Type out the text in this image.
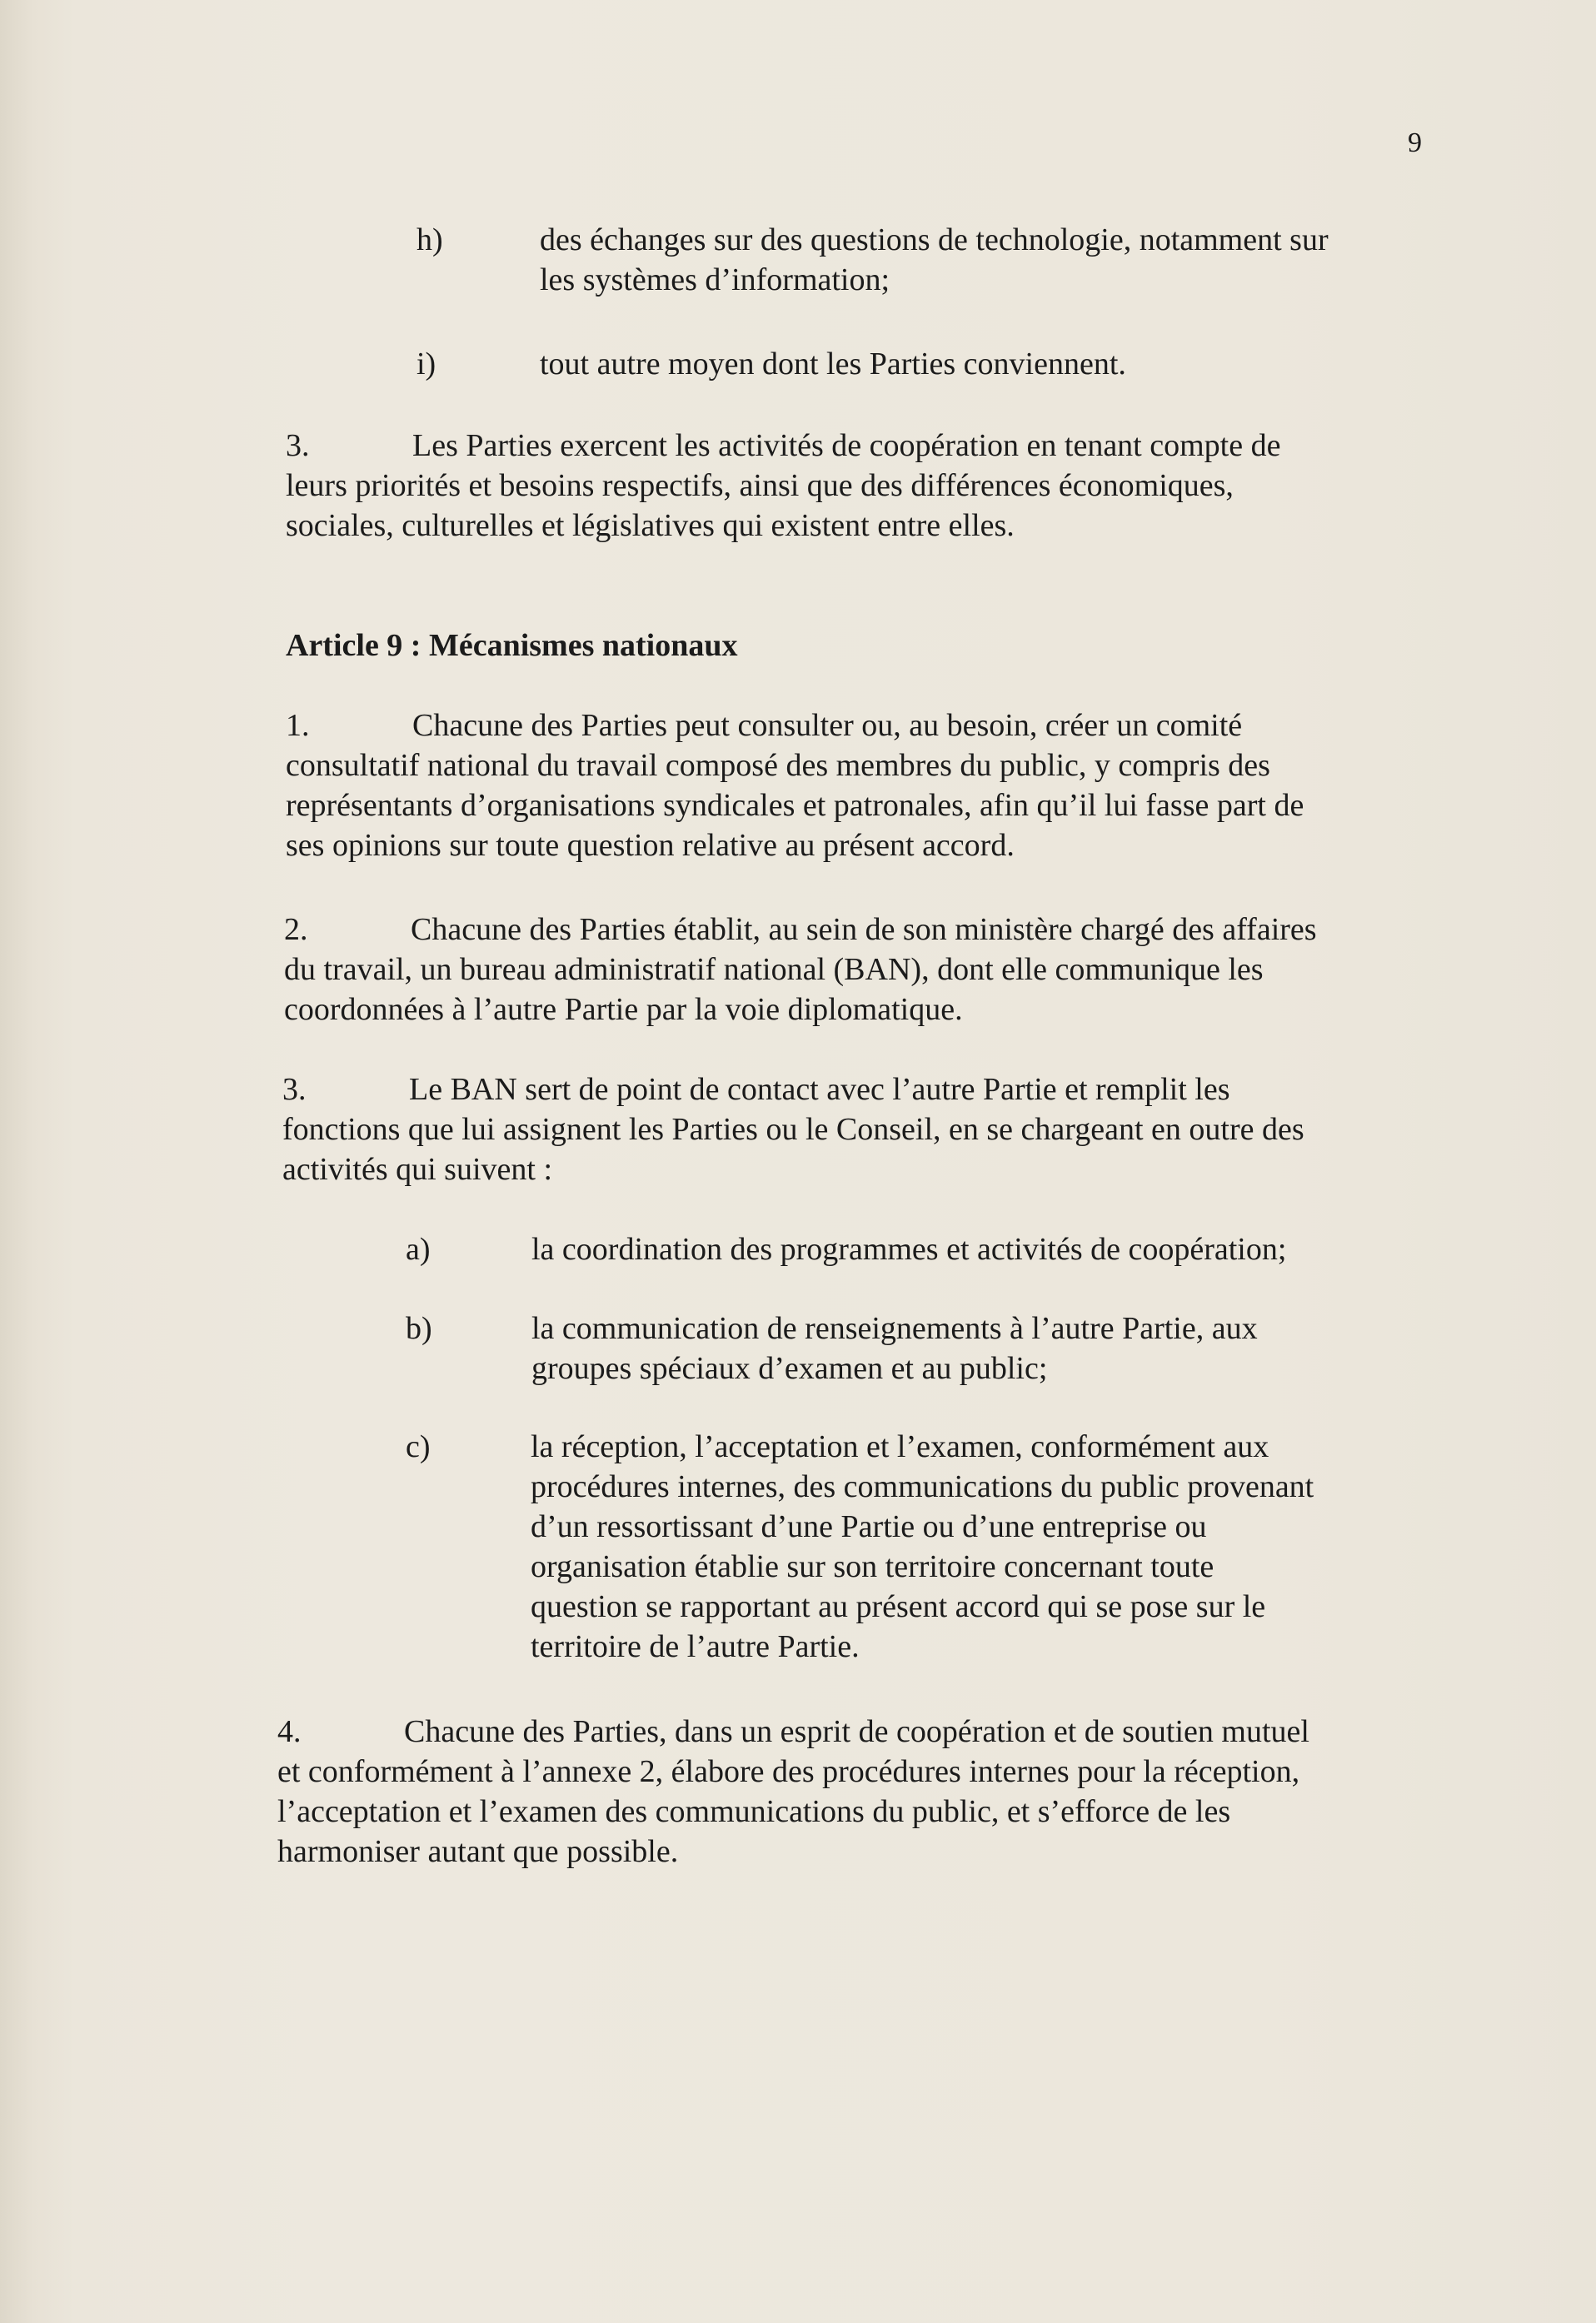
9
h)	des échanges sur des questions de technologie, notamment sur
les systèmes d’information;
i)	tout autre moyen dont les Parties conviennent.
3.	Les Parties exercent les activités de coopération en tenant compte de
leurs priorités et besoins respectifs, ainsi que des différences économiques,
sociales, culturelles et législatives qui existent entre elles.
Article 9 : Mécanismes nationaux
1.	Chacune des Parties peut consulter ou, au besoin, créer un comité
consultatif national du travail composé des membres du public, y compris des
représentants d’organisations syndicales et patronales, afin qu’il lui fasse part de
ses opinions sur toute question relative au présent accord.
2.	Chacune des Parties établit, au sein de son ministère chargé des affaires
du travail, un bureau administratif national (BAN), dont elle communique les
coordonnées à l’autre Partie par la voie diplomatique.
3.	Le BAN sert de point de contact avec l’autre Partie et remplit les
fonctions que lui assignent les Parties ou le Conseil, en se chargeant en outre des
activités qui suivent :
a)	la coordination des programmes et activités de coopération;
b)	la communication de renseignements à l’autre Partie, aux
groupes spéciaux d’examen et au public;
c)	la réception, l’acceptation et l’examen, conformément aux
procédures internes, des communications du public provenant
d’un ressortissant d’une Partie ou d’une entreprise ou
organisation établie sur son territoire concernant toute
question se rapportant au présent accord qui se pose sur le
territoire de l’autre Partie.
4.	Chacune des Parties, dans un esprit de coopération et de soutien mutuel
et conformément à l’annexe 2, élabore des procédures internes pour la réception,
l’acceptation et l’examen des communications du public, et s’efforce de les
harmoniser autant que possible.
